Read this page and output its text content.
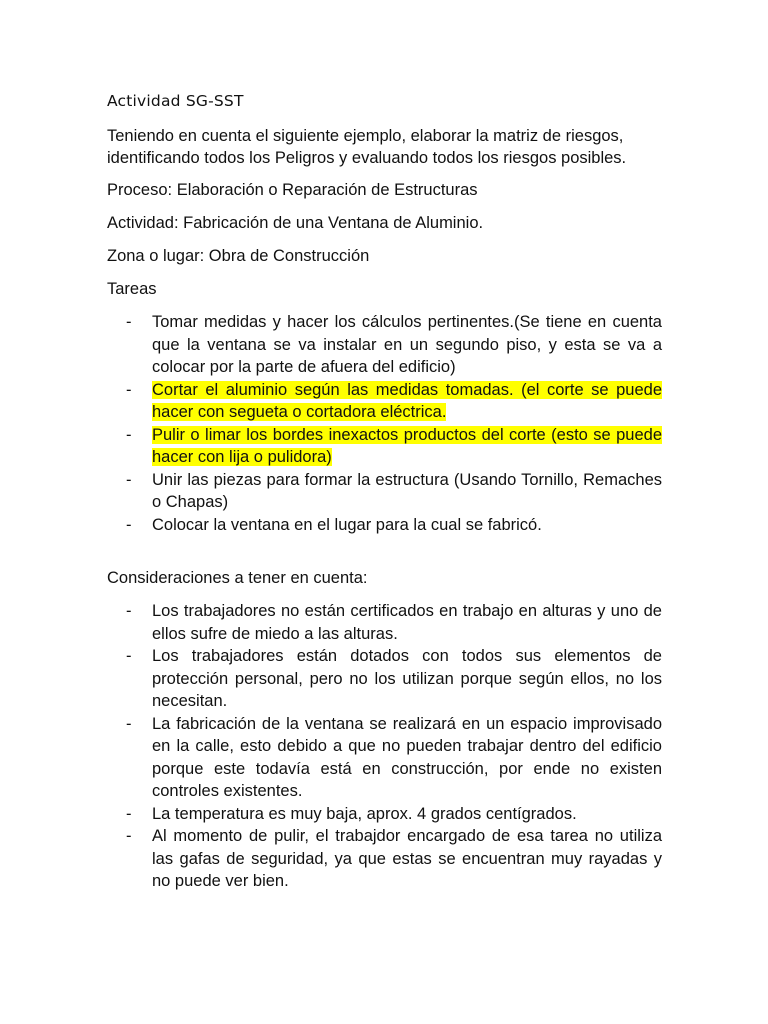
Actividad SG-SST
Teniendo en cuenta el siguiente ejemplo, elaborar la matriz de riesgos, identificando todos los Peligros y evaluando todos los riesgos posibles.
Proceso: Elaboración o Reparación de Estructuras
Actividad: Fabricación de una Ventana de Aluminio.
Zona o lugar: Obra de Construcción
Tareas
- Tomar medidas y hacer los cálculos pertinentes.(Se tiene en cuenta que la ventana se va instalar en un segundo piso, y esta se va a colocar por la parte de afuera del edificio)
- Cortar el aluminio según las medidas tomadas. (el corte se puede hacer con segueta o cortadora eléctrica.
- Pulir o limar los bordes inexactos productos del corte (esto se puede hacer con lija o pulidora)
- Unir las piezas para formar la estructura (Usando Tornillo, Remaches o Chapas)
- Colocar la ventana en el lugar para la cual se fabricó.
Consideraciones a tener en cuenta:
- Los trabajadores no están certificados en trabajo en alturas y uno de ellos sufre de miedo a las alturas.
- Los trabajadores están dotados con todos sus elementos de protección personal, pero no los utilizan porque según ellos, no los necesitan.
- La fabricación de la ventana se realizará en un espacio improvisado en la calle, esto debido a que no pueden trabajar dentro del edificio porque este todavía está en construcción, por ende no existen controles existentes.
- La temperatura es muy baja, aprox. 4 grados centígrados.
- Al momento de pulir, el trabajdor encargado de esa tarea no utiliza las gafas de seguridad, ya que estas se encuentran muy rayadas y no puede ver bien.
